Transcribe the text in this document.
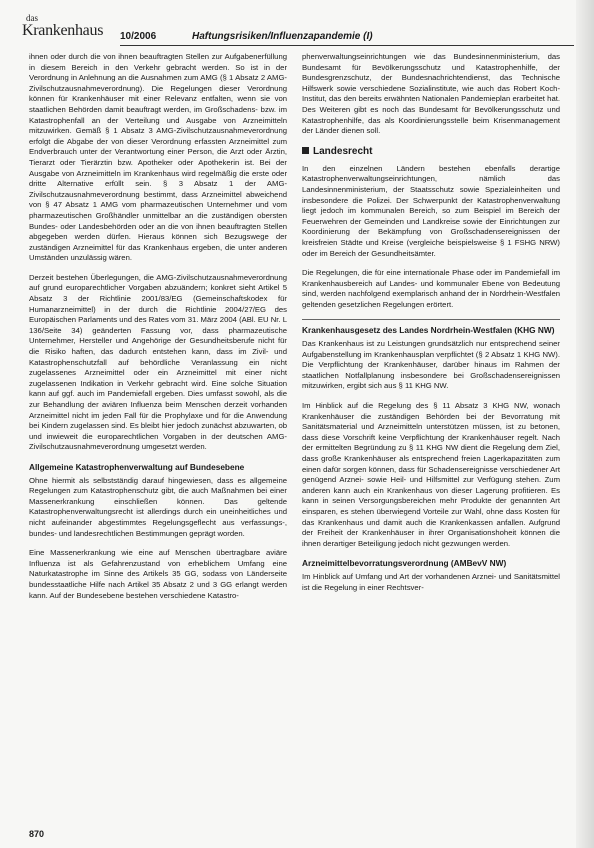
das
Krankenhaus 10/2006	Haftungsrisiken/Influenzapandemie (I)

ihnen oder durch die von ihnen beauftragten Stellen zur Aufgabenerfüllung in diesem Bereich in den Verkehr gebracht werden. So ist in der Verordnung in Anlehnung an die Ausnahmen zum AMG (§ 1 Absatz 2 AMG-Zivilschutzausnahmeverordnung). Die Regelungen dieser Verordnung können für Krankenhäuser mit einer Relevanz entfalten, wenn sie von staatlichen Behörden damit beauftragt werden, im Großschadens- bzw. im Katastrophenfall an der Verteilung und Ausgabe von Arzneimitteln mitzuwirken. Gemäß § 1 Absatz 3 AMG-Zivilschutzausnahmeverordnung erfolgt die Abgabe der von dieser Verordnung erfassten Arzneimittel zum Endverbrauch unter der Verantwortung einer Person, die Arzt oder Ärztin, Tierarzt oder Tierärztin bzw. Apotheker oder Apothekerin ist. Bei der Ausgabe von Arzneimitteln im Krankenhaus wird regelmäßig die erste oder dritte Alternative erfüllt sein. § 3 Absatz 1 der AMG-Zivilschutzausnahmeverordnung bestimmt, dass Arzneimittel abweichend von § 47 Absatz 1 AMG vom pharmazeutischen Unternehmer und vom pharmazeutischen Großhändler unmittelbar an die zuständigen obersten Bundes- oder Landesbehörden oder an die von ihnen beauftragten Stellen abgegeben werden dürfen. Hieraus können sich Bezugswege der zuständigen Arzneimittel für das Krankenhaus ergeben, die unter anderen Umständen unzulässig wären.

Derzeit bestehen Überlegungen, die AMG-Zivilschutzausnahmeverordnung auf grund europarechtlicher Vorgaben abzuändern; konkret sieht Artikel 5 Absatz 3 der Richtlinie 2001/83/EG (Gemeinschaftskodex für Humanarzneimittel) in der durch die Richtlinie 2004/27/EG des Europäischen Parlaments und des Rates vom 31. März 2004 (ABl. EU Nr. L 136/Seite 34) geänderten Fassung vor, dass pharmazeutische Unternehmer, Hersteller und Angehörige der Gesundheitsberufe nicht für die Risiko haften, das dadurch entstehen kann, dass im Zivil- und Katastrophenschutzfall auf behördliche Veranlassung ein nicht zugelassenes Arzneimittel oder ein Arzneimittel mit einer nicht zugelassenen Indikation in Verkehr gebracht wird. Eine solche Situation kann auf ggf. auch im Pandemiefall ergeben. Dies umfasst sowohl, als die zur Behandlung der aviären Influenza beim Menschen derzeit vorhanden Arzneimittel nicht im jeden Fall für die Prophylaxe und für die Anwendung bei Kindern zugelassen sind. Es bleibt hier jedoch zunächst abzuwarten, ob und inwieweit die europarechtlichen Vorgaben in der deutschen AMG-Zivilschutzausnahmeverordnung umgesetzt werden.

Allgemeine Katastrophenverwaltung auf Bundesebene

Ohne hiermit als selbstständig darauf hingewiesen, dass es allgemeine Regelungen zum Katastrophenschutz gibt, die auch Maßnahmen bei einer Massenerkrankung einschließen können. Das geltende Katastrophenverwaltungsrecht ist allerdings durch ein uneinheitliches und nicht aufeinander abgestimmtes Regelungsgeflecht aus verfassungs-, bundes- und landesrechtlichen Bestimmungen geprägt worden.

Eine Massenerkrankung wie eine auf Menschen übertragbare aviäre Influenza ist als Gefahrenzustand von erheblichem Umfang eine Naturkatastrophe im Sinne des Artikels 35 GG, sodass von Länderseite bundesstaatliche Hilfe nach Artikel 35 Absatz 2 und 3 GG erlangt werden kann. Auf der Bundesebene bestehen verschiedene Katastro-

phenverwaltungseinrichtungen wie das Bundesinnenministerium, das Bundesamt für Bevölkerungsschutz und Katastrophenhilfe, der Bundesgrenzschutz, der Bundesnachrichtendienst, das Technische Hilfswerk sowie verschiedene Sozialinstitute, wie auch das Robert Koch-Institut, das den bereits erwähnten Nationalen Pandemieplan erarbeitet hat. Des Weiteren gibt es noch das Bundesamt für Bevölkerungsschutz und Katastrophenhilfe, das als Koordinierungsstelle beim Krisenmanagement der Länder dienen soll.

Landesrecht

In den einzelnen Ländern bestehen ebenfalls derartige Katastrophenverwaltungseinrichtungen, nämlich das Landesinnenministerium, der Staatsschutz sowie Spezialeinheiten und insbesondere die Polizei. Der Schwerpunkt der Katastrophenverwaltung liegt jedoch im kommunalen Bereich, so zum Beispiel im Bereich der Feuerwehren der Gemeinden und Landkreise sowie der Einrichtungen zur Koordinierung der Bekämpfung von Großschadensereignissen der kreisfreien Städte und Kreise (vergleiche beispielsweise § 1 FSHG NRW) oder im Bereich der Gesundheitsämter.

Die Regelungen, die für eine internationale Phase oder im Pandemiefall im Krankenhausbereich auf Landes- und kommunaler Ebene von Bedeutung sind, werden nachfolgend exemplarisch anhand der in Nordrhein-Westfalen geltenden gesetzlichen Regelungen erörtert.

Krankenhausgesetz des Landes Nordrhein-Westfalen (KHG NW)

Das Krankenhaus ist zu Leistungen grundsätzlich nur entsprechend seiner Aufgabenstellung im Krankenhausplan verpflichtet (§ 2 Absatz 1 KHG NW). Die Verpflichtung der Krankenhäuser, darüber hinaus im Rahmen der staatlichen Notfallplanung insbesondere bei Großschadensereignissen mitzuwirken, ergibt sich aus § 11 KHG NW.

Im Hinblick auf die Regelung des § 11 Absatz 3 KHG NW, wonach Krankenhäuser die zuständigen Behörden bei der Bevorratung mit Sanitätsmaterial und Arzneimitteln unterstützen müssen, ist zu betonen, dass diese Vorschrift keine Verpflichtung der Krankenhäuser regelt. Nach der ermittelten Begründung zu § 11 KHG NW dient die Regelung dem Ziel, dass große Krankenhäuser als entsprechend freien Lagerkapazitäten zum einen dafür sorgen können, dass für Schadensereignisse verschiedener Art genügend Arznei- sowie Heil- und Hilfsmittel zur Verfügung stehen. Zum anderen kann auch ein Krankenhaus von dieser Lagerung profitieren. Es kann in seinen Versorgungsbereichen mehr Produkte der genannten Art einsparen, es stehen überwiegend Vorteile zur Wahl, ohne dass Kosten für das Krankenhaus und damit auch die Krankenkassen anfallen. Aufgrund der Freiheit der Krankenhäuser in ihrer Organisationshoheit können die ihnen derartiger Beteiligung jedoch nicht gezwungen werden.

Arzneimittelbevorratungsverordnung (AMBevV NW)

Im Hinblick auf Umfang und Art der vorhandenen Arznei- und Sanitätsmittel ist die Regelung in einer Rechtsver-

870
